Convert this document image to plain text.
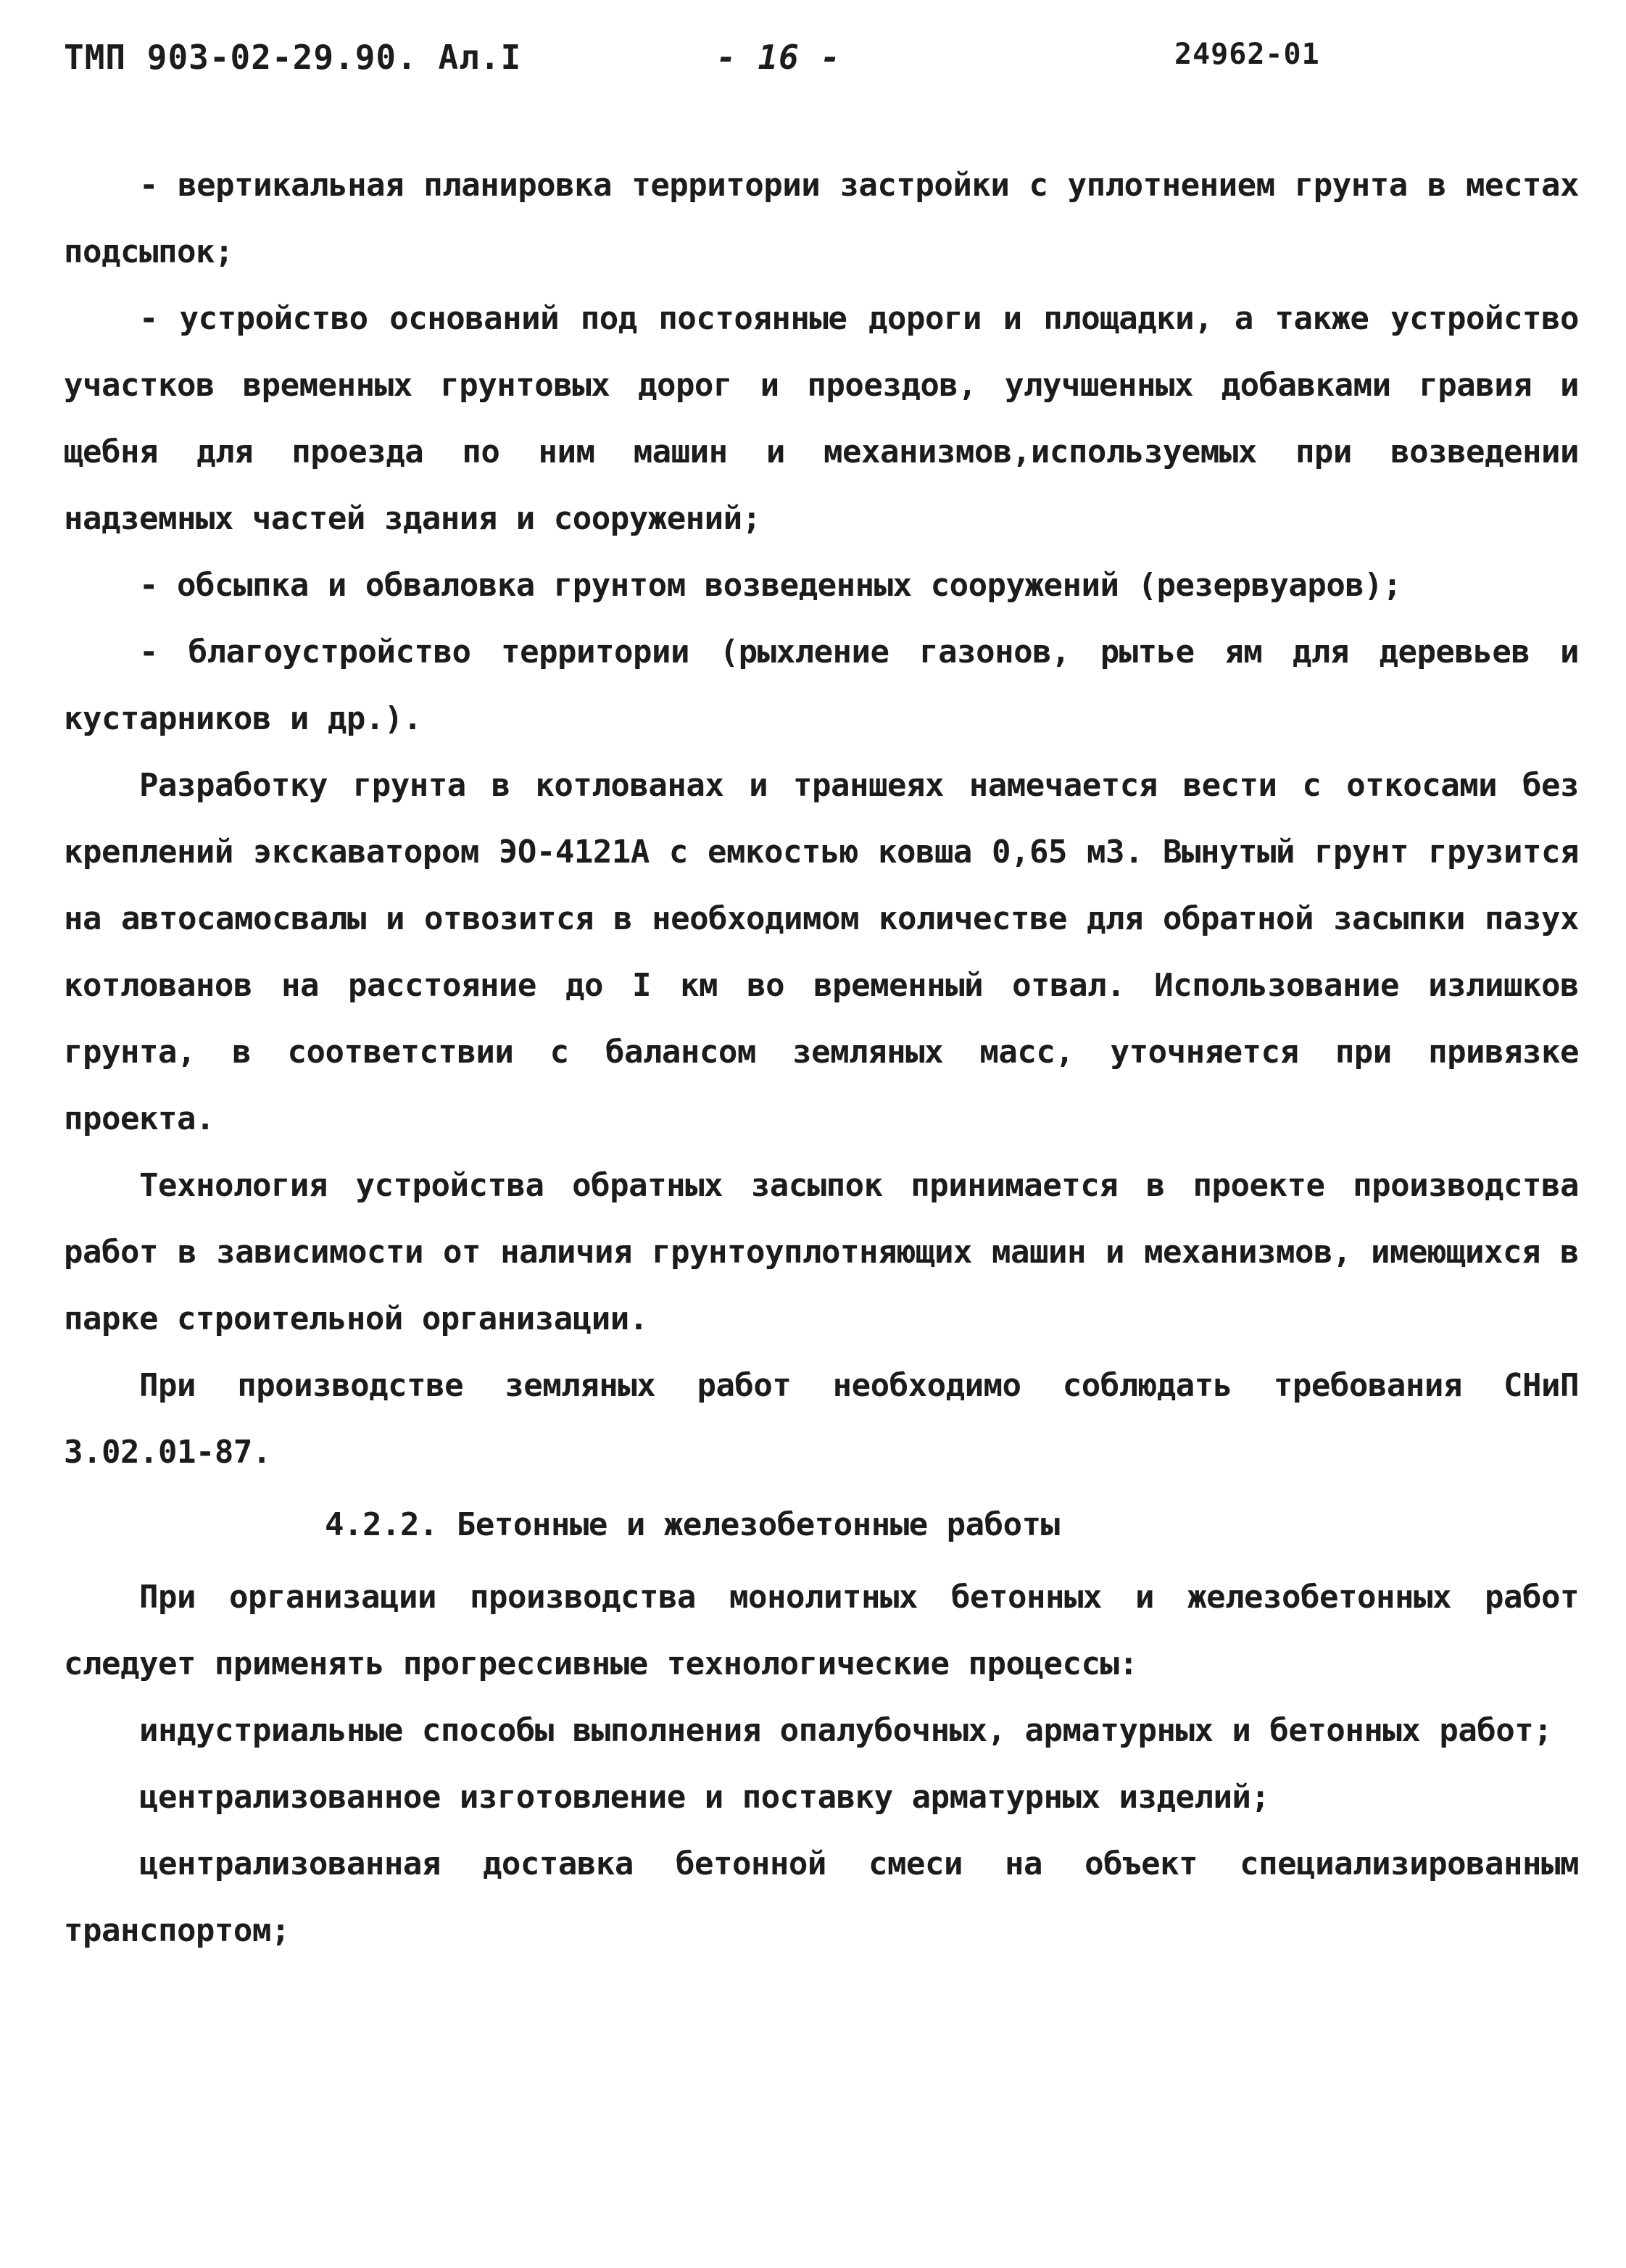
ТМП 903-02-29.90. Ал.I	- 16 -	24962-01

- вертикальная планировка территории застройки с уплотнением грунта в местах подсыпок;

- устройство оснований под постоянные дороги и площадки, а также устройство участков временных грунтовых дорог и проездов, улучшенных добавками гравия и щебня для проезда по ним машин и механизмов,используемых при возведении надземных частей здания и сооружений;

- обсыпка и обваловка грунтом возведенных сооружений (резервуаров);

- благоустройство территории (рыхление газонов, рытье ям для деревьев и кустарников и др.).

Разработку грунта в котлованах и траншеях намечается вести с откосами без креплений экскаватором ЭО-4121А с емкостью ковша 0,65 м3. Вынутый грунт грузится на автосамосвалы и отвозится в необходимом количестве для обратной засыпки пазух котлованов на расстояние до I км во временный отвал. Использование излишков грунта, в соответствии с балансом земляных масс, уточняется при привязке проекта.

Технология устройства обратных засыпок принимается в проекте производства работ в зависимости от наличия грунтоуплотняющих машин и механизмов, имеющихся в парке строительной организации.

При производстве земляных работ необходимо соблюдать требования СНиП 3.02.01-87.

4.2.2. Бетонные и железобетонные работы

При организации производства монолитных бетонных и железобетонных работ следует применять прогрессивные технологические процессы:

индустриальные способы выполнения опалубочных, арматурных и бетонных работ;

централизованное изготовление и поставку арматурных изделий;

централизованная доставка бетонной смеси на объект специализированным транспортом;
